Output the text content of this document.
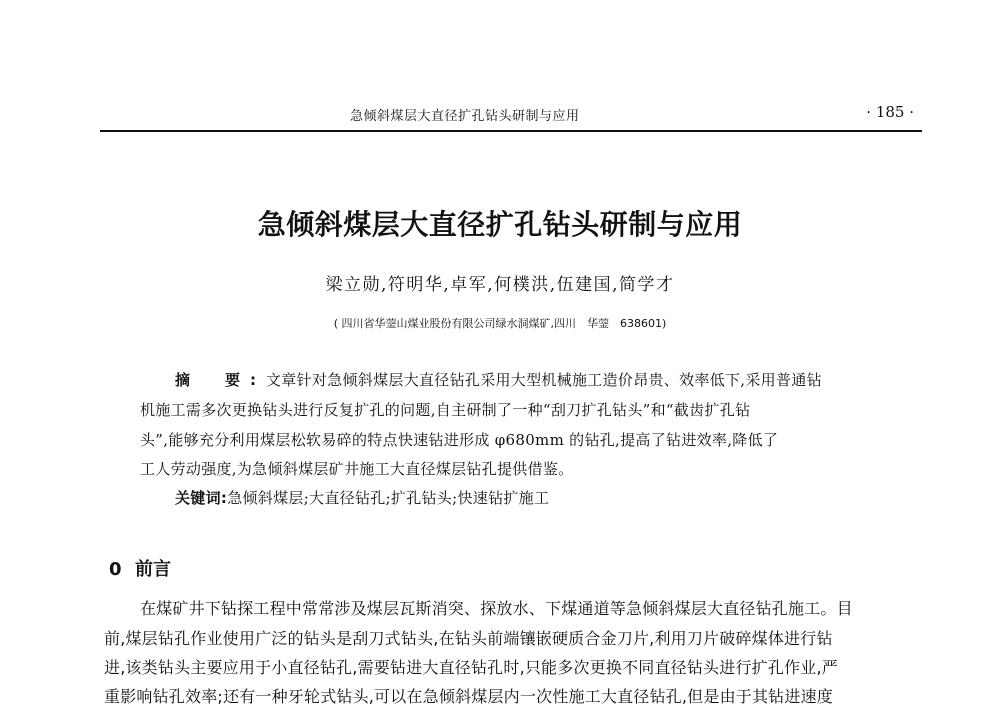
急倾斜煤层大直径扩孔钻头研制与应用	· 185 ·
急倾斜煤层大直径扩孔钻头研制与应用
梁立勋,符明华,卓军,何樸洪,伍建国,简学才
( 四川省华蓥山煤业股份有限公司绿水洞煤矿,四川　华蓥　638601)
摘　要:文章针对急倾斜煤层大直径钻孔采用大型机械施工造价昂贵、效率低下,采用普通钻
机施工需多次更换钻头进行反复扩孔的问题,自主研制了一种“刮刀扩孔钻头”和“截齿扩孔钻
头”,能够充分利用煤层松软易碎的特点快速钻进形成 φ680mm 的钻孔,提高了钻进效率,降低了
工人劳动强度,为急倾斜煤层矿井施工大直径煤层钻孔提供借鉴。
关键词:急倾斜煤层;大直径钻孔;扩孔钻头;快速钻扩施工
0 前言
在煤矿井下钻探工程中常常涉及煤层瓦斯消突、探放水、下煤通道等急倾斜煤层大直径钻孔施工。目
前,煤层钻孔作业使用广泛的钻头是刮刀式钻头,在钻头前端镶嵌硬质合金刀片,利用刀片破碎煤体进行钻
进,该类钻头主要应用于小直径钻孔,需要钻进大直径钻孔时,只能多次更换不同直径钻头进行扩孔作业,严
重影响钻孔效率;还有一种牙轮式钻头,可以在急倾斜煤层内一次性施工大直径钻孔,但是由于其钻进速度
